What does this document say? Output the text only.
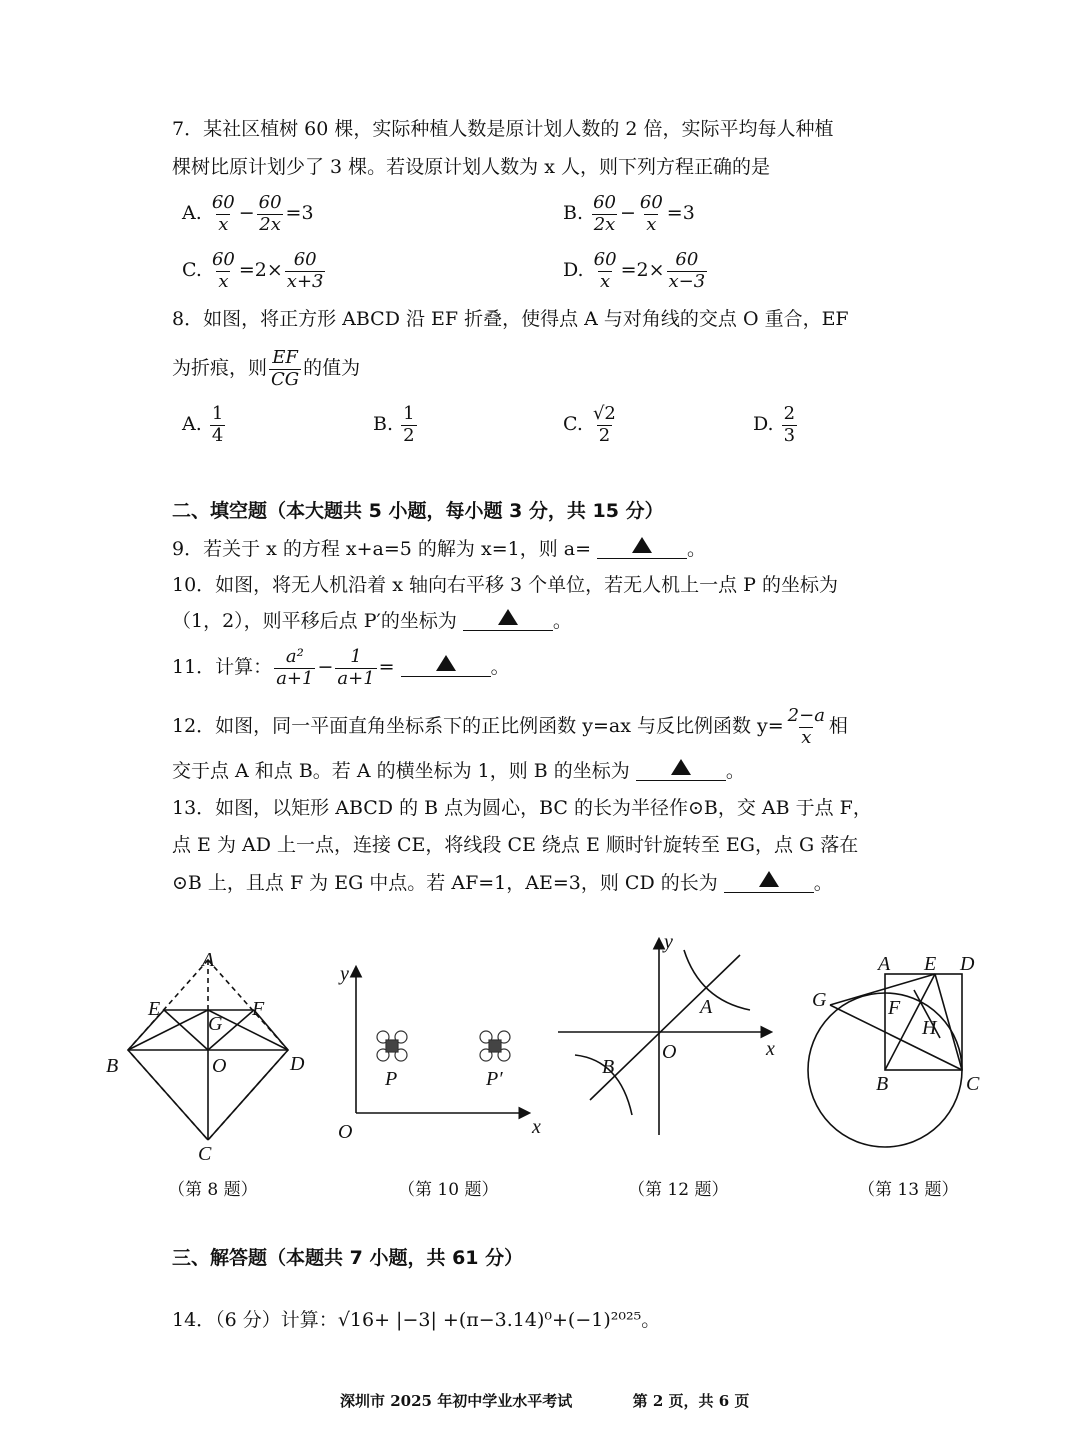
7．某社区植树 60 棵，实际种植人数是原计划人数的 2 倍，实际平均每人种植
棵树比原计划少了 3 棵。若设原计划人数为 x 人，则下列方程正确的是
A. $\frac{60}{x} - \frac{60}{2x} =3$	B. $\frac{60}{2x} - \frac{60}{x} =3$
C. $\frac{60}{x} =2\times \frac{60}{x+3}$	D. $\frac{60}{x} =2\times \frac{60}{x-3}$
8．如图，将正方形 ABCD 沿 EF 折叠，使得点 A 与对角线的交点 O 重合，EF
为折痕，则 $\frac{EF}{CG}$ 的值为
A. $\frac{1}{4}$	B. $\frac{1}{2}$	C. $\frac{√2}{2}$	D. $\frac{2}{3}$
二、填空题（本大题共 5 小题，每小题 3 分，共 15 分）
9．若关于 x 的方程 x+a=5 的解为 x=1，则 a=	。
10．如图，将无人机沿着 x 轴向右平移 3 个单位，若无人机上一点 P 的坐标为
（1，2），则平移后点 P′的坐标为	。
11．计算： $\frac{\text{a²}}{a+1} - \frac{1}{a+1}$ =	。
12．如图，同一平面直角坐标系下的正比例函数 y=ax 与反比例函数 $y= \frac{2-a}{x}$ 相
交于点 A 和点 B。若 A 的横坐标为 1，则 B 的坐标为	。
13．如图，以矩形 ABCD 的 B 点为圆心，BC 的长为半径作⊙B，交 AB 于点 F，
点 E 为 AD 上一点，连接 CE，将线段 CE 绕点 E 顺时针旋转至 EG，点 G 落在
⊙B 上，且点 F 为 EG 中点。若 AF=1，AE=3，则 CD 的长为	。
A
B
C
D
E	F
G
O
y
x
O
P	P′
y
x
O
A
B
A E D
G	F
H
B	C
（第 8 题）	（第 10 题）	（第 12 题）	（第 13 题）
三、解答题（本题共 7 小题，共 61 分）
14．（6 分）计算：√16+ |−3| +(π−3.14)⁰+(−1)²⁰²⁵。
深圳市 2025 年初中学业水平考试	第 2 页，共 6 页
